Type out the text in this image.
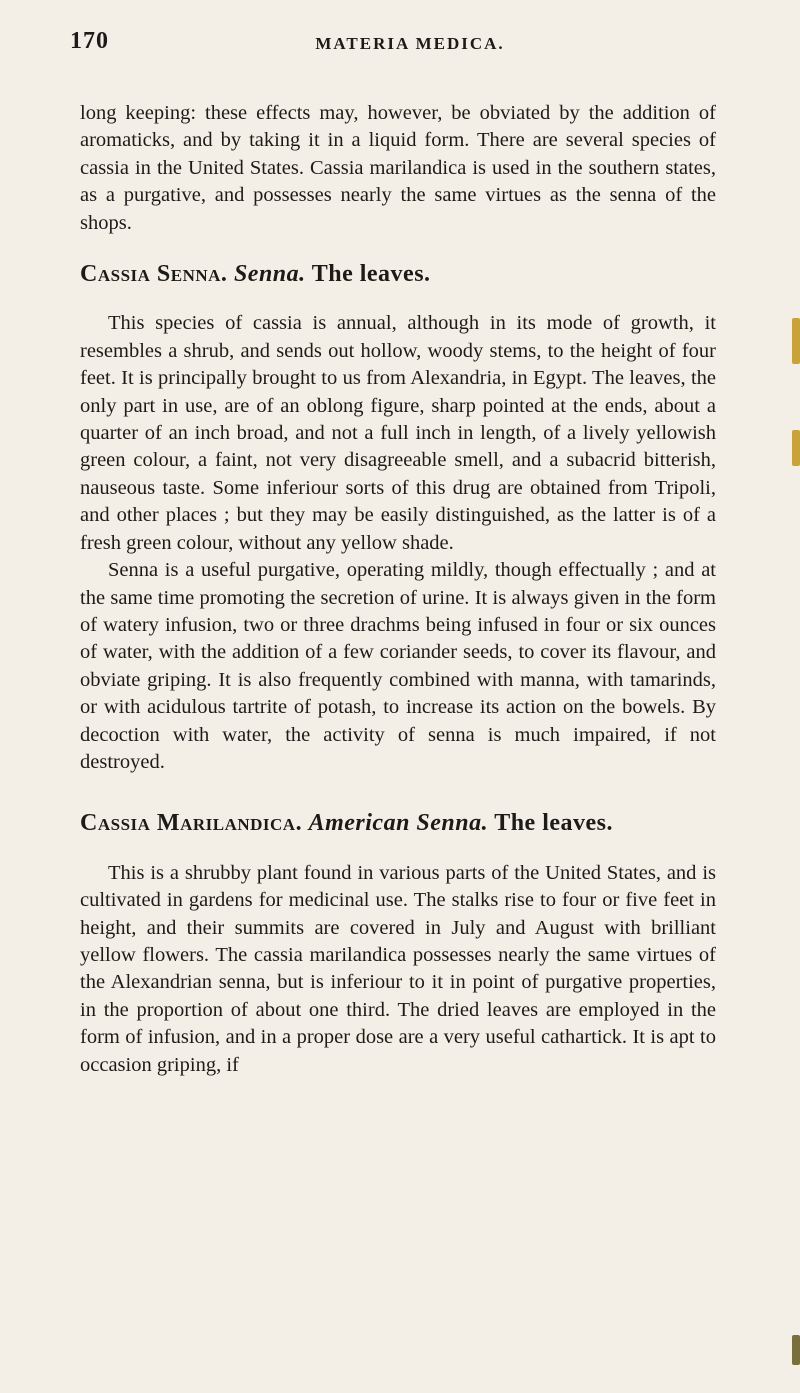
170	MATERIA MEDICA.

long keeping: these effects may, however, be obviated by the addition of aromaticks, and by taking it in a liquid form. There are several species of cassia in the United States. Cassia marilandica is used in the southern states, as a purgative, and possesses nearly the same virtues as the senna of the shops.

Cassia Senna. Senna. The leaves.

This species of cassia is annual, although in its mode of growth, it resembles a shrub, and sends out hollow, woody stems, to the height of four feet. It is principally brought to us from Alexandria, in Egypt. The leaves, the only part in use, are of an oblong figure, sharp pointed at the ends, about a quarter of an inch broad, and not a full inch in length, of a lively yellowish green colour, a faint, not very disagreeable smell, and a subacrid bitterish, nauseous taste. Some inferiour sorts of this drug are obtained from Tripoli, and other places ; but they may be easily distinguished, as the latter is of a fresh green colour, without any yellow shade.

Senna is a useful purgative, operating mildly, though effectually ; and at the same time promoting the secretion of urine. It is always given in the form of watery infusion, two or three drachms being infused in four or six ounces of water, with the addition of a few coriander seeds, to cover its flavour, and obviate griping. It is also frequently combined with manna, with tamarinds, or with acidulous tartrite of potash, to increase its action on the bowels. By decoction with water, the activity of senna is much impaired, if not destroyed.

Cassia Marilandica. American Senna. The leaves.

This is a shrubby plant found in various parts of the United States, and is cultivated in gardens for medicinal use. The stalks rise to four or five feet in height, and their summits are covered in July and August with brilliant yellow flowers. The cassia marilandica possesses nearly the same virtues of the Alexandrian senna, but is inferiour to it in point of purgative properties, in the proportion of about one third. The dried leaves are employed in the form of infusion, and in a proper dose are a very useful cathartick. It is apt to occasion griping, if
